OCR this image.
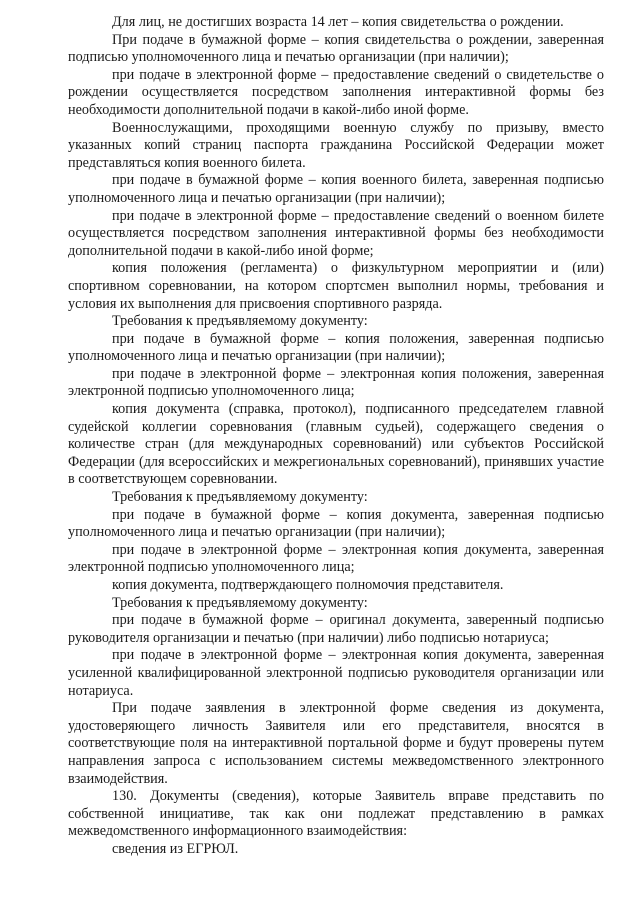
Для лиц, не достигших возраста 14 лет – копия свидетельства о рождении.

При подаче в бумажной форме – копия свидетельства о рождении, заверенная подписью уполномоченного лица и печатью организации (при наличии);

при подаче в электронной форме – предоставление сведений о свидетельстве о рождении осуществляется посредством заполнения интерактивной формы без необходимости дополнительной подачи в какой-либо иной форме.

Военнослужащими, проходящими военную службу по призыву, вместо указанных копий страниц паспорта гражданина Российской Федерации может представляться копия военного билета.

при подаче в бумажной форме – копия военного билета, заверенная подписью уполномоченного лица и печатью организации (при наличии);

при подаче в электронной форме – предоставление сведений о военном билете осуществляется посредством заполнения интерактивной формы без необходимости дополнительной подачи в какой-либо иной форме;

копия положения (регламента) о физкультурном мероприятии и (или) спортивном соревновании, на котором спортсмен выполнил нормы, требования и условия их выполнения для присвоения спортивного разряда.

Требования к предъявляемому документу:

при подаче в бумажной форме – копия положения, заверенная подписью уполномоченного лица и печатью организации (при наличии);

при подаче в электронной форме – электронная копия положения, заверенная электронной подписью уполномоченного лица;

копия документа (справка, протокол), подписанного председателем главной судейской коллегии соревнования (главным судьей), содержащего сведения о количестве стран (для международных соревнований) или субъектов Российской Федерации (для всероссийских и межрегиональных соревнований), принявших участие в соответствующем соревновании.

Требования к предъявляемому документу:

при подаче в бумажной форме – копия документа, заверенная подписью уполномоченного лица и печатью организации (при наличии);

при подаче в электронной форме – электронная копия документа, заверенная электронной подписью уполномоченного лица;

копия документа, подтверждающего полномочия представителя.

Требования к предъявляемому документу:

при подаче в бумажной форме – оригинал документа, заверенный подписью руководителя организации и печатью (при наличии) либо подписью нотариуса;

при подаче в электронной форме – электронная копия документа, заверенная усиленной квалифицированной электронной подписью руководителя организации или нотариуса.

При подаче заявления в электронной форме сведения из документа, удостоверяющего личность Заявителя или его представителя, вносятся в соответствующие поля на интерактивной портальной форме и будут проверены путем направления запроса с использованием системы межведомственного электронного взаимодействия.

130. Документы (сведения), которые Заявитель вправе представить по собственной инициативе, так как они подлежат представлению в рамках межведомственного информационного взаимодействия:

сведения из ЕГРЮЛ.
